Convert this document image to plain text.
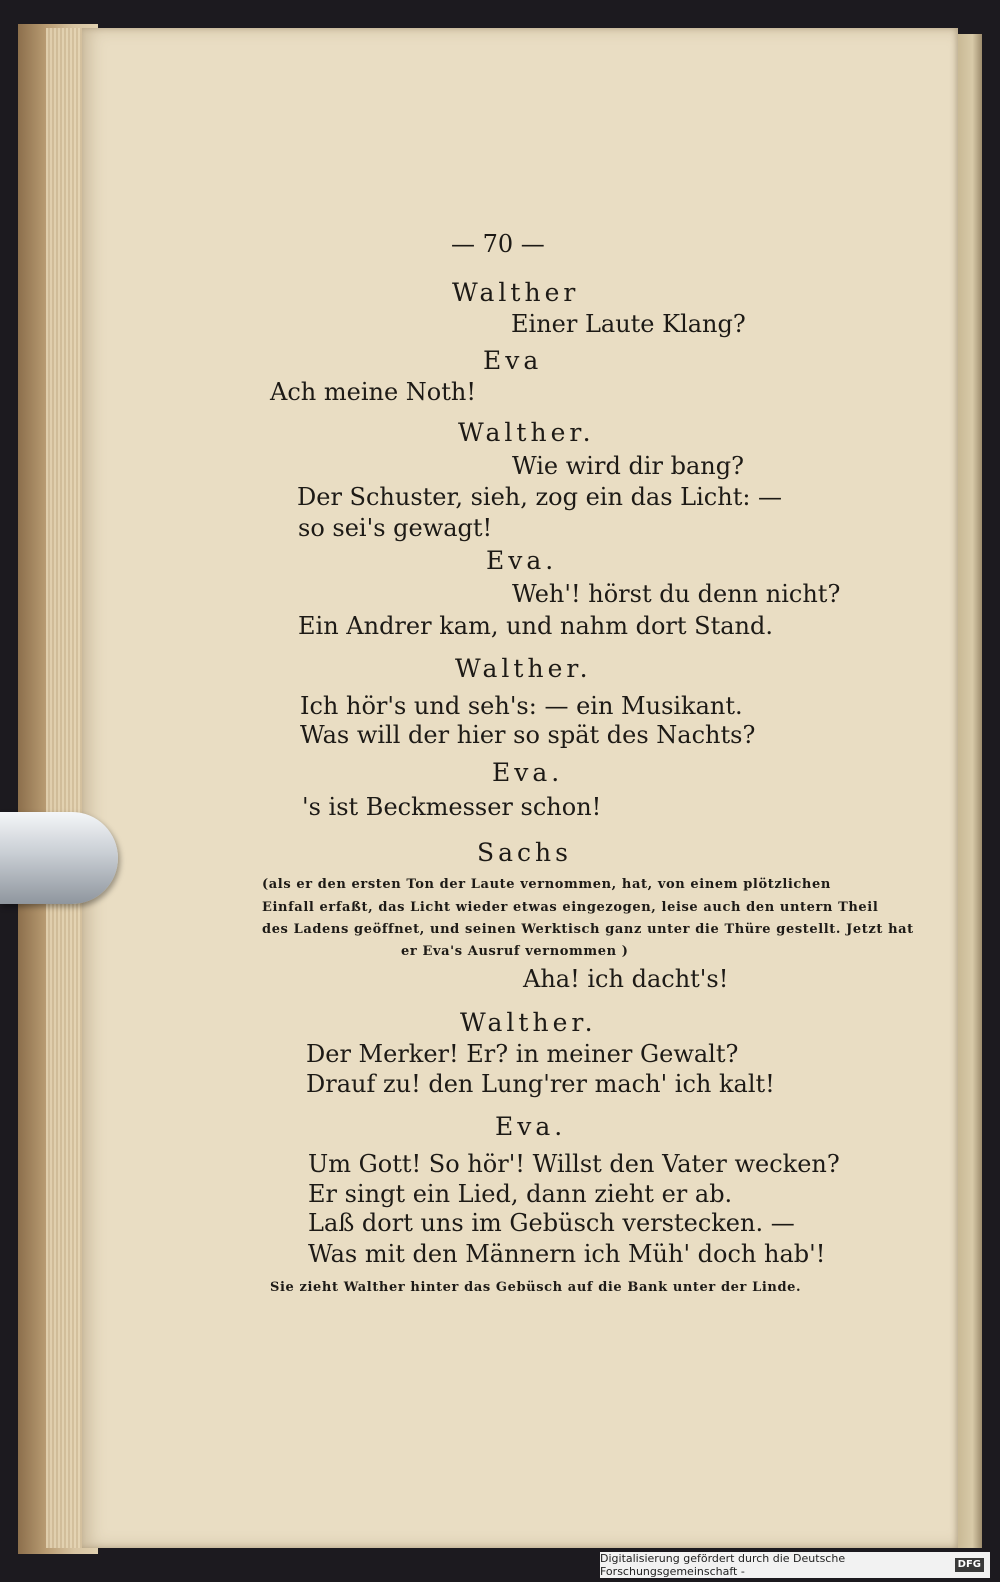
— 70 —
Walther
Einer Laute Klang?
Eva
Ach meine Noth!
Walther.
Wie wird dir bang?
Der Schuster, sieh, zog ein das Licht: —
so sei's gewagt!
Eva.
Weh'! hörst du denn nicht?
Ein Andrer kam, und nahm dort Stand.
Walther.
Ich hör's und seh's: — ein Musikant.
Was will der hier so spät des Nachts?
Eva.
's ist Beckmesser schon!
Sachs
(als er den ersten Ton der Laute vernommen, hat, von einem plötzlichen
Einfall erfaßt, das Licht wieder etwas eingezogen, leise auch den untern Theil
des Ladens geöffnet, und seinen Werktisch ganz unter die Thüre gestellt. Jetzt hat
er Eva's Ausruf vernommen )
Aha! ich dacht's!
Walther.
Der Merker! Er? in meiner Gewalt?
Drauf zu! den Lung'rer mach' ich kalt!
Eva.
Um Gott! So hör'! Willst den Vater wecken?
Er singt ein Lied, dann zieht er ab.
Laß dort uns im Gebüsch verstecken. —
Was mit den Männern ich Müh' doch hab'!
Sie zieht Walther hinter das Gebüsch auf die Bank unter der Linde.
Digitalisierung gefördert durch die Deutsche Forschungsgemeinschaft -
DFG
